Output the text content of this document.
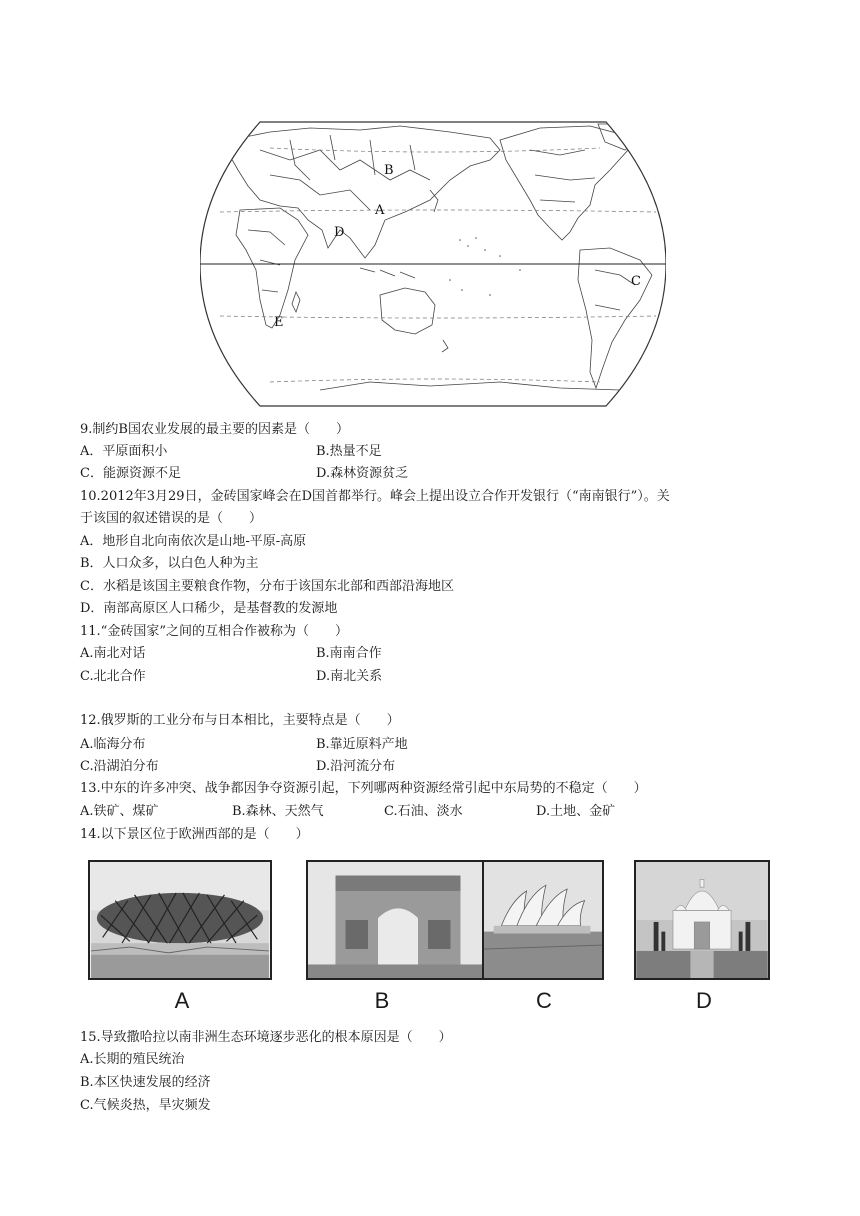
B
A
D
C
E
9.制约B国农业发展的最主要的因素是（　　）
A．平原面积小	B.热量不足
C．能源资源不足	D.森林资源贫乏
10.2012年3月29日，金砖国家峰会在D国首都举行。峰会上提出设立合作开发银行（“南南银行”）。关
于该国的叙述错误的是（　　）
A．地形自北向南依次是山地-平原-高原
B．人口众多，以白色人种为主
C．水稻是该国主要粮食作物，分布于该国东北部和西部沿海地区
D．南部高原区人口稀少，是基督教的发源地
11.“金砖国家”之间的互相合作被称为（　　）
A.南北对话	B.南南合作
C.北北合作	D.南北关系
12.俄罗斯的工业分布与日本相比，主要特点是（　　）
A.临海分布	B.靠近原料产地
C.沿湖泊分布	D.沿河流分布
13.中东的许多冲突、战争都因争夺资源引起，下列哪两种资源经常引起中东局势的不稳定（　　）
A.铁矿、煤矿	B.森林、天然气	C.石油、淡水	D.土地、金矿
14.以下景区位于欧洲西部的是（　　）
A	B	C	D
15.导致撒哈拉以南非洲生态环境逐步恶化的根本原因是（　　）
A.长期的殖民统治
B.本区快速发展的经济
C.气候炎热，旱灾频发
